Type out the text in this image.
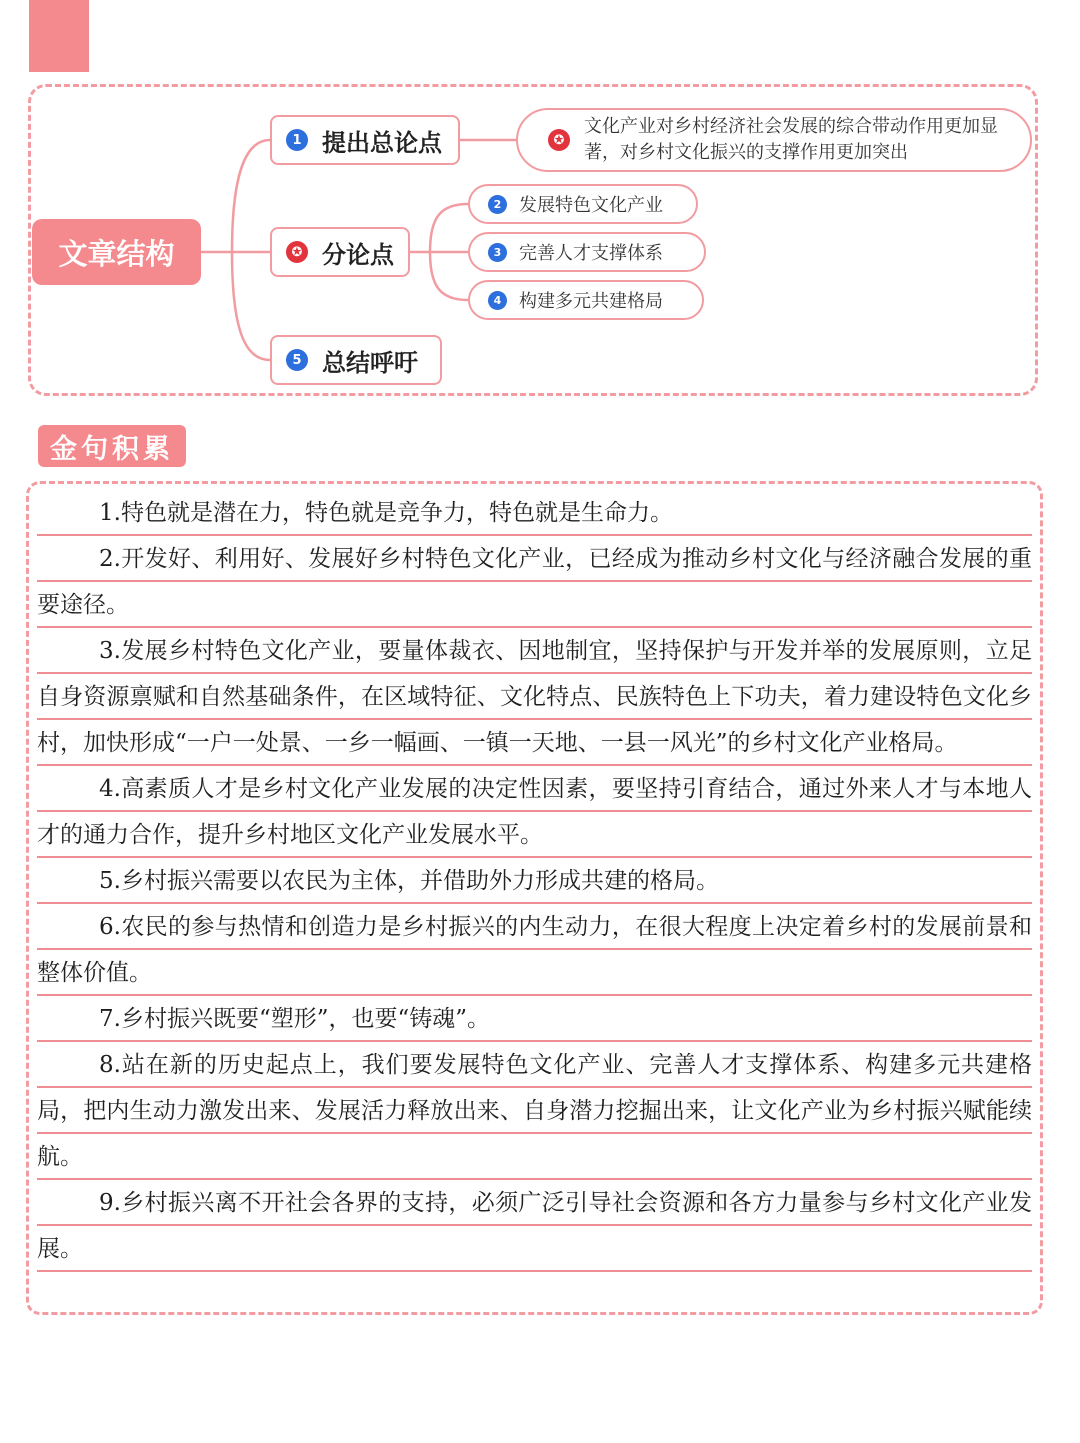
文章结构
1 提出总论点
✪ 分论点
5 总结呼吁
✪
文化产业对乡村经济社会发展的综合带动作用更加显著，对乡村文化振兴的支撑作用更加突出
2 发展特色文化产业
3 完善人才支撑体系
4 构建多元共建格局
金句积累

1.特色就是潜在力，特色就是竞争力，特色就是生命力。

2.开发好、利用好、发展好乡村特色文化产业，已经成为推动乡村文化与经济融合发展的重要途径。

3.发展乡村特色文化产业，要量体裁衣、因地制宜，坚持保护与开发并举的发展原则，立足自身资源禀赋和自然基础条件，在区域特征、文化特点、民族特色上下功夫，着力建设特色文化乡村，加快形成“一户一处景、一乡一幅画、一镇一天地、一县一风光”的乡村文化产业格局。

4.高素质人才是乡村文化产业发展的决定性因素，要坚持引育结合，通过外来人才与本地人才的通力合作，提升乡村地区文化产业发展水平。

5.乡村振兴需要以农民为主体，并借助外力形成共建的格局。

6.农民的参与热情和创造力是乡村振兴的内生动力，在很大程度上决定着乡村的发展前景和整体价值。

7.乡村振兴既要“塑形”，也要“铸魂”。

8.站在新的历史起点上，我们要发展特色文化产业、完善人才支撑体系、构建多元共建格局，把内生动力激发出来、发展活力释放出来、自身潜力挖掘出来，让文化产业为乡村振兴赋能续航。

9.乡村振兴离不开社会各界的支持，必须广泛引导社会资源和各方力量参与乡村文化产业发展。
